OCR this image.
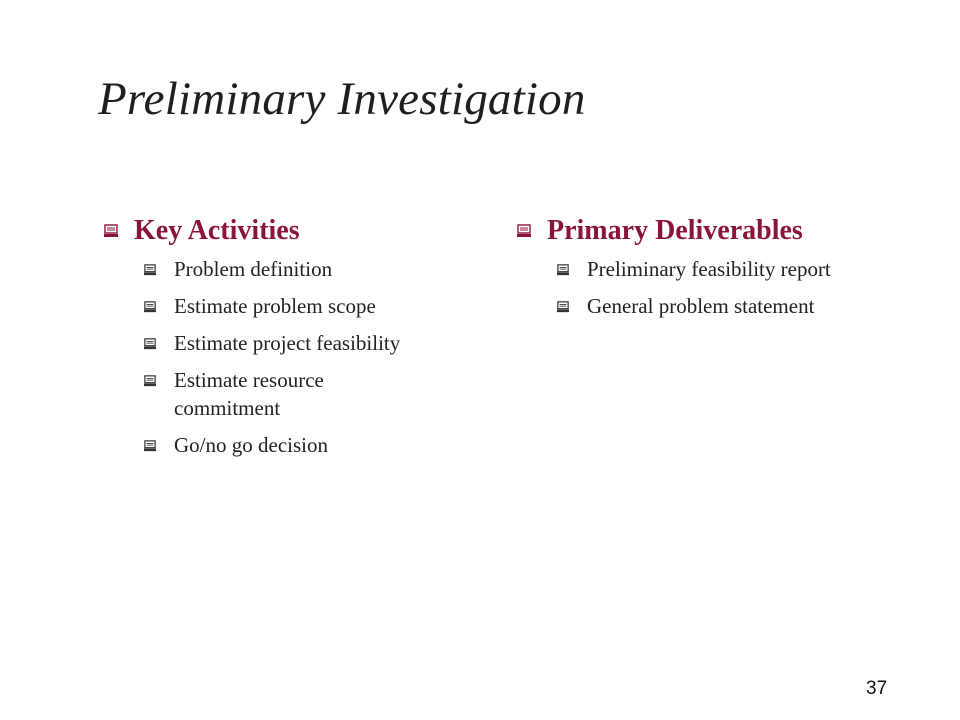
Preliminary Investigation
Key Activities
Problem definition
Estimate problem scope
Estimate project feasibility
Estimate resource commitment
Go/no go decision
Primary Deliverables
Preliminary feasibility report
General problem statement
37
